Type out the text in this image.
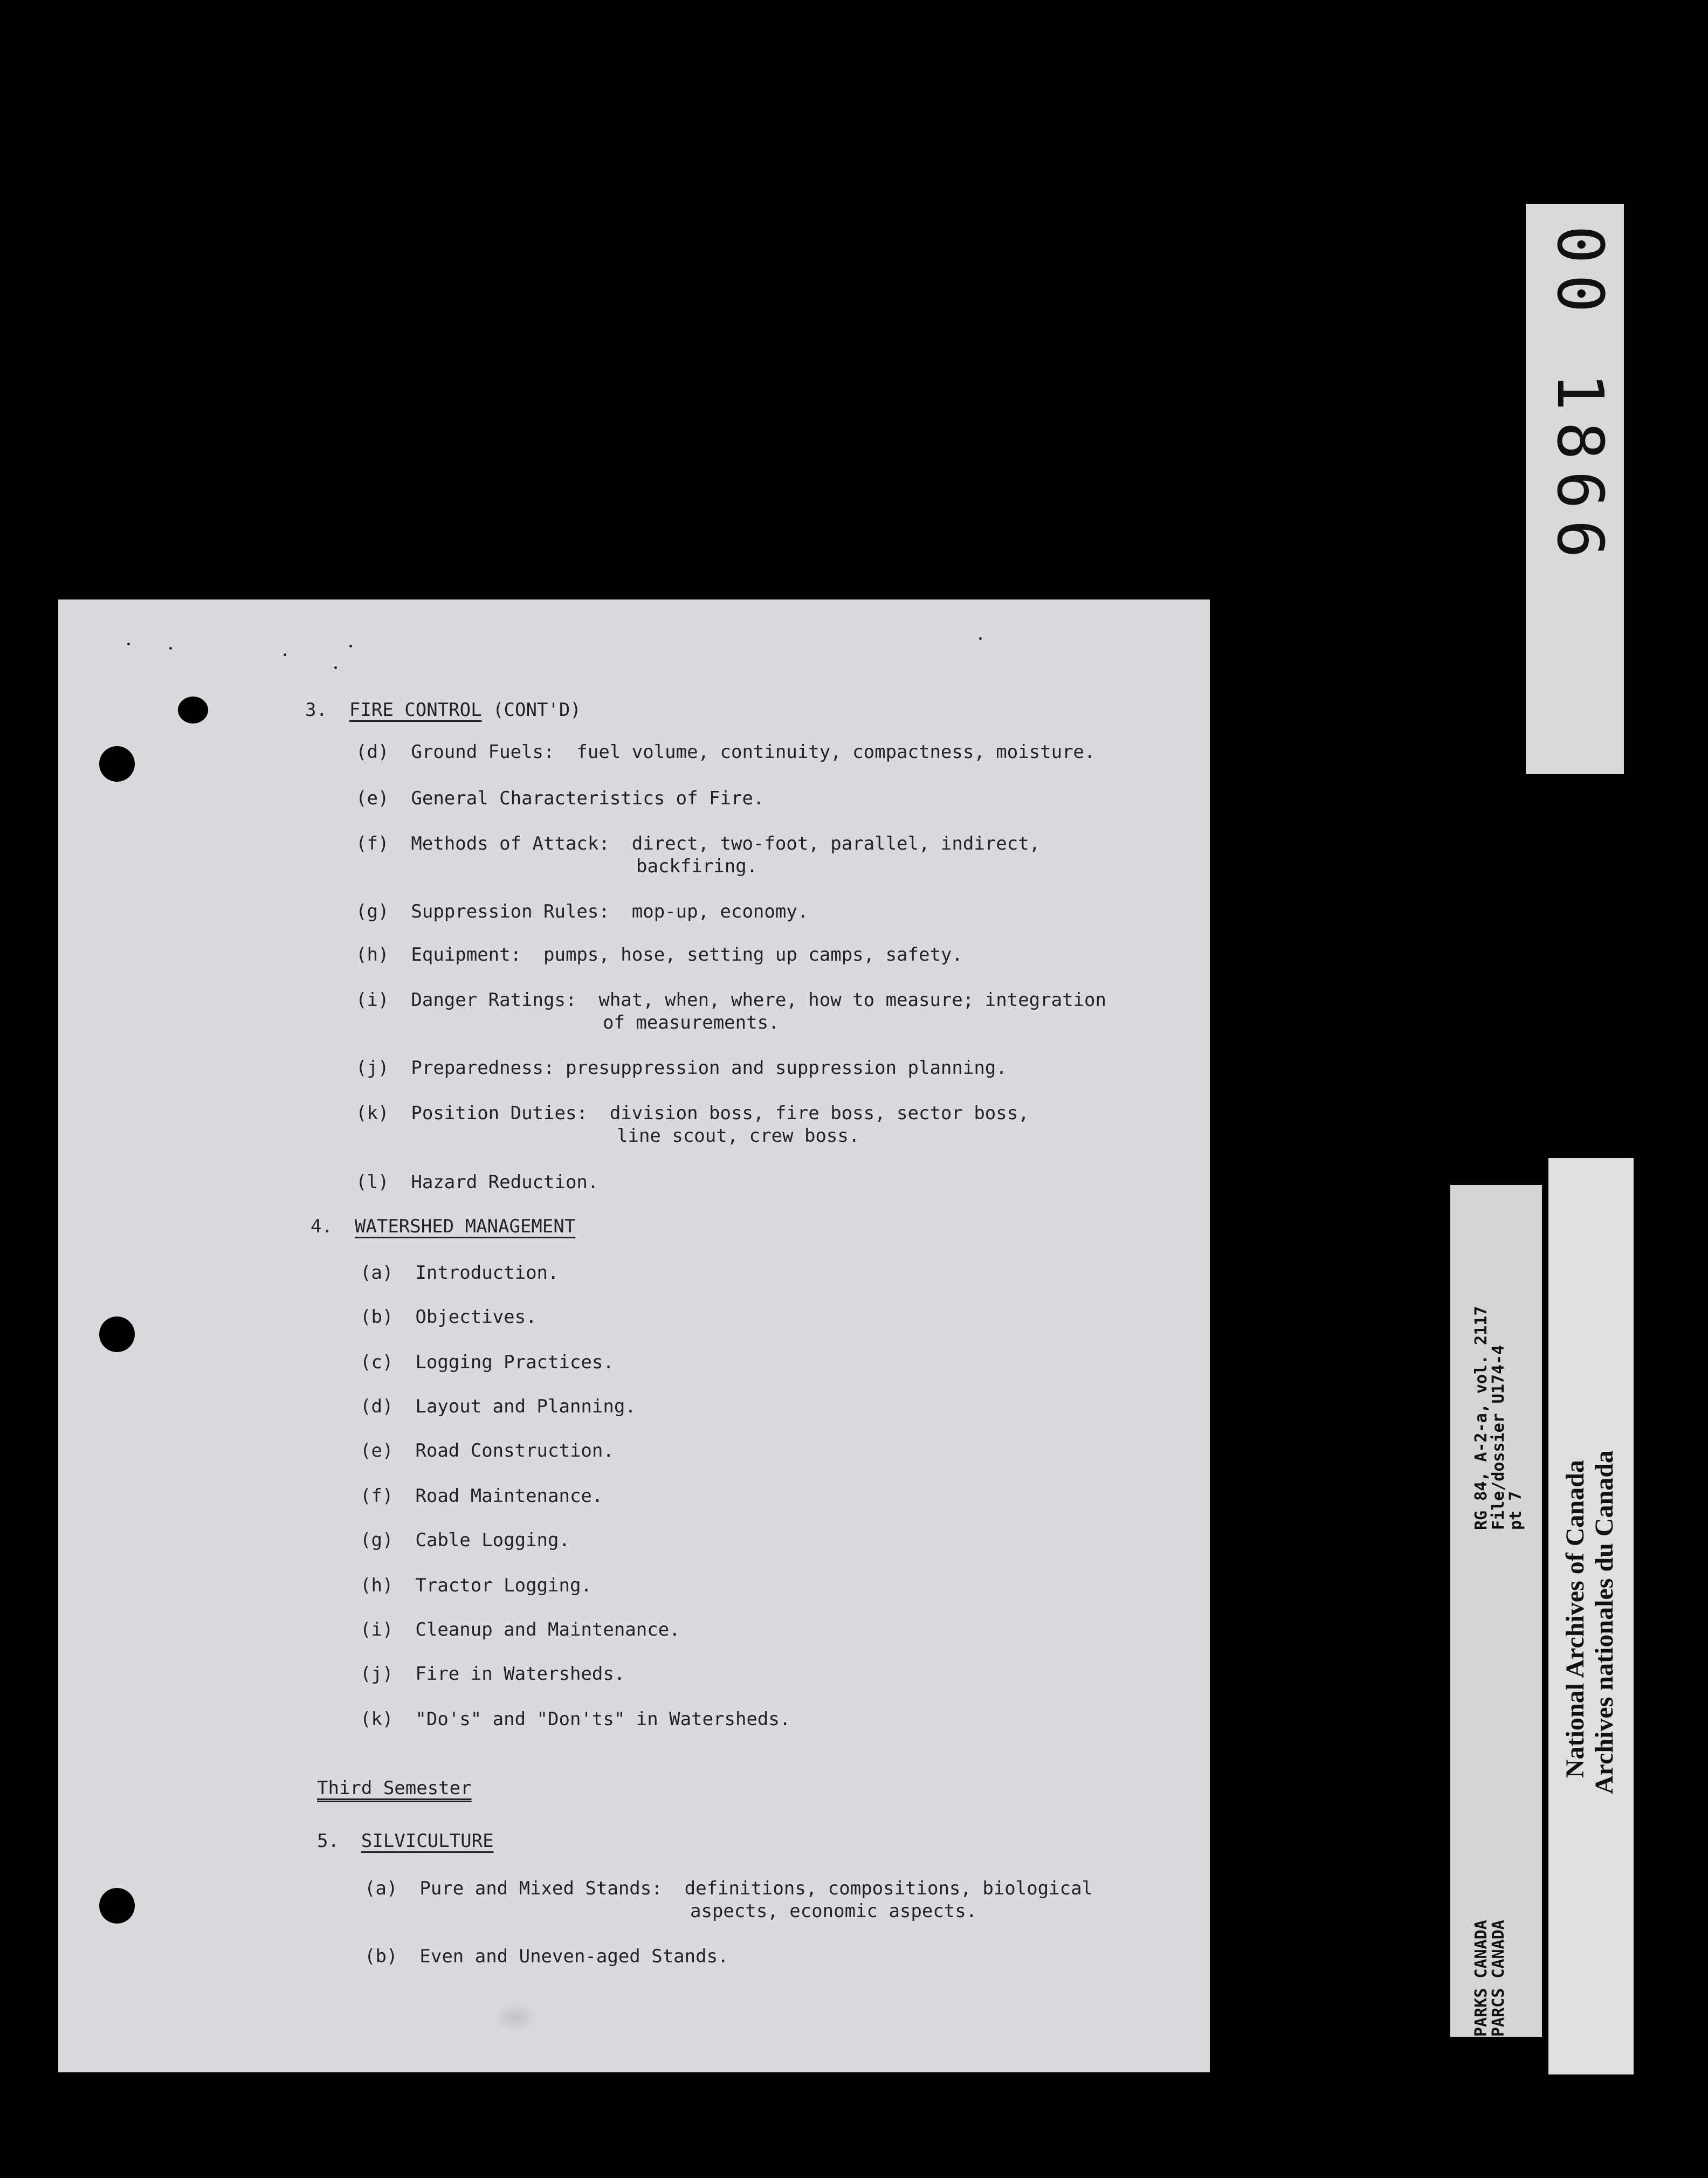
3. FIRE CONTROL (CONT'D)
(d) Ground Fuels:  fuel volume, continuity, compactness, moisture.
(e) General Characteristics of Fire.
(f) Methods of Attack:  direct, two-foot, parallel, indirect,
backfiring.
(g) Suppression Rules:  mop-up, economy.
(h) Equipment:  pumps, hose, setting up camps, safety.
(i) Danger Ratings:  what, when, where, how to measure; integration
of measurements.
(j) Preparedness: presuppression and suppression planning.
(k) Position Duties:  division boss, fire boss, sector boss,
line scout, crew boss.
(l) Hazard Reduction.
4. WATERSHED MANAGEMENT
(a) Introduction.
(b) Objectives.
(c) Logging Practices.
(d) Layout and Planning.
(e) Road Construction.
(f) Road Maintenance.
(g) Cable Logging.
(h) Tractor Logging.
(i) Cleanup and Maintenance.
(j) Fire in Watersheds.
(k) "Do's" and "Don'ts" in Watersheds.
Third Semester
5. SILVICULTURE
(a) Pure and Mixed Stands:  definitions, compositions, biological
aspects, economic aspects.
(b) Even and Uneven-aged Stands.
00 1866
RG 84, A-2-a, vol. 2117
File/dossier U174-4
pt 7
PARKS CANADA
PARCS CANADA
National Archives of Canada Archives nationales du Canada
